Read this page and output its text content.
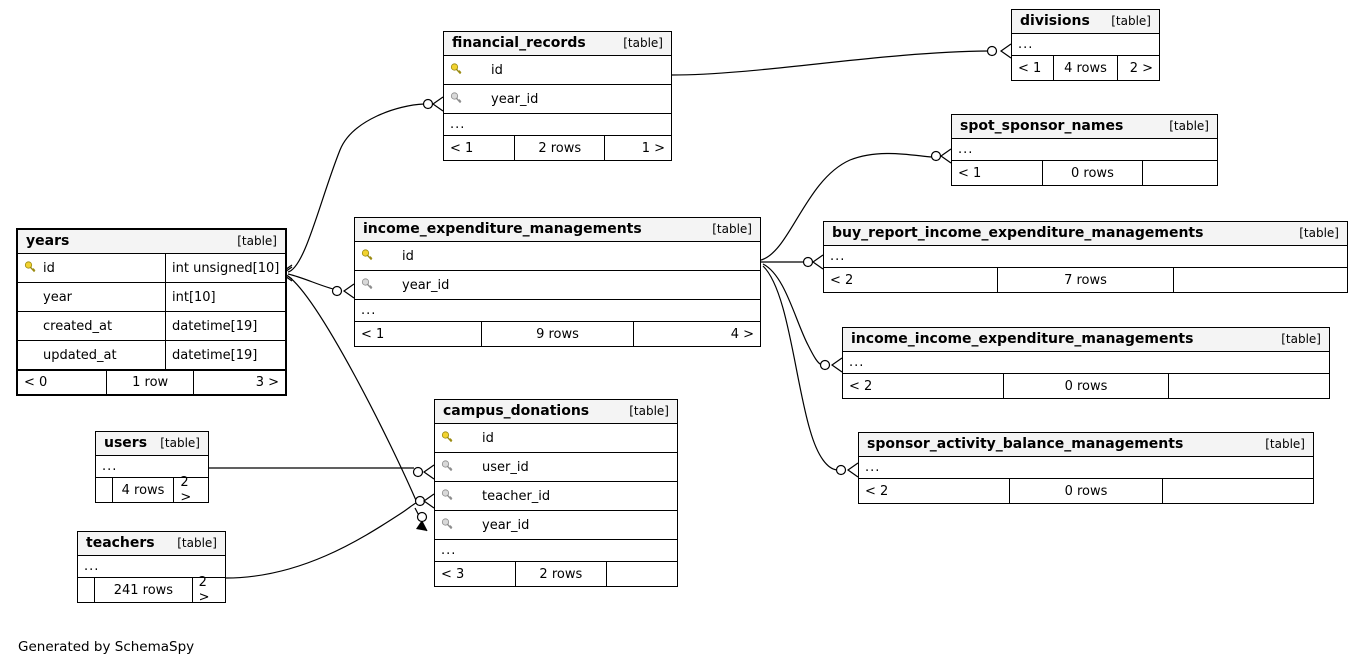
years	[table]
id	int unsigned[10]
year	int[10]
created_at	datetime[19]
updated_at	datetime[19]
< 0	1 row	3 >
financial_records	[table]
id
year_id
...
< 1	2 rows	1 >
divisions	[table]
...
< 1	4 rows	2 >
spot_sponsor_names	[table]
...
< 1	0 rows
income_expenditure_managements	[table]
id
year_id
...
< 1	9 rows	4 >
buy_report_income_expenditure_managements	[table]
...
< 2	7 rows
income_income_expenditure_managements	[table]
...
< 2	0 rows
sponsor_activity_balance_managements	[table]
...
< 2	0 rows
campus_donations	[table]
id
user_id
teacher_id
year_id
...
< 3	2 rows
users	[table]
...
4 rows	2 >
teachers	[table]
...
241 rows	2 >
Generated by SchemaSpy
